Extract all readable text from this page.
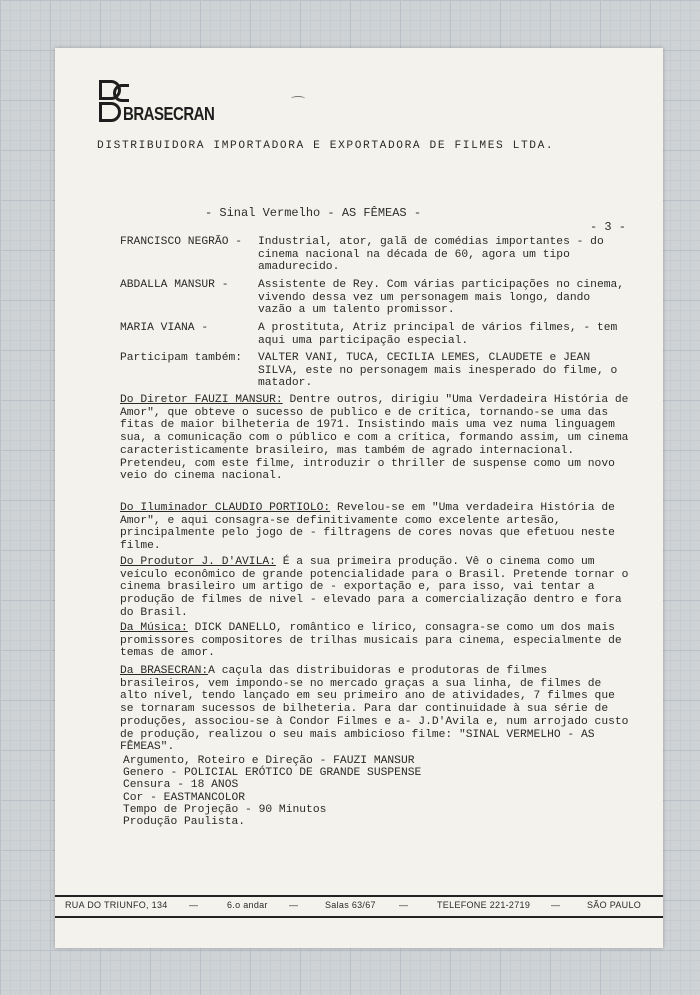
BRASECRAN
DISTRIBUIDORA IMPORTADORA E EXPORTADORA DE FILMES LTDA.
- Sinal Vermelho - AS FÊMEAS -
- 3 -
FRANCISCO NEGRÃO -	Industrial, ator, galã de comédias importantes - do cinema nacional na década de 60, agora um tipo amadurecido.
ABDALLA MANSUR -	Assistente de Rey. Com várias participações no cinema, vivendo dessa vez um personagem mais longo, dando vazão a um talento promissor.
MARIA VIANA -	A prostituta, Atriz principal de vários filmes, - tem aqui uma participação especial.
Participam também:	VALTER VANI, TUCA, CECILIA LEMES, CLAUDETE e JEAN SILVA, este no personagem mais inesperado do filme, o matador.
Do Diretor FAUZI MANSUR: Dentre outros, dirigiu "Uma Verdadeira História de Amor", que obteve o sucesso de publico e de crítica, tornando-se uma das fitas de maior bilheteria de 1971. Insistindo mais uma vez numa linguagem sua, a comunicação com o público e com a crítica, formando assim, um cinema caracteristicamente brasileiro, mas também de agrado internacional. Pretendeu, com este filme, introduzir o thriller de suspense como um novo veio do cinema nacional.
Do Iluminador CLAUDIO PORTIOLO: Revelou-se em "Uma verdadeira História de Amor", e aqui consagra-se definitivamente como excelente artesão, principalmente pelo jogo de - filtragens de cores novas que efetuou neste filme.
Do Produtor J. D'AVILA: É a sua primeira produção. Vê o cinema como um veículo econômico de grande potencialidade para o Brasil. Pretende tornar o cinema brasileiro um artigo de - exportação e, para isso, vai tentar a produção de filmes de nivel - elevado para a comercialização dentro e fora do Brasil.
Da Música: DICK DANELLO, romântico e lírico, consagra-se como um dos mais promissores compositores de trilhas musicais para cinema, especialmente de temas de amor.
Da BRASECRAN:A caçula das distribuidoras e produtoras de filmes brasileiros, vem impondo-se no mercado graças a sua linha, de filmes de alto nível, tendo lançado em seu primeiro ano de atividades, 7 filmes que se tornaram sucessos de bilheteria. Para dar continuidade à sua série de produções, associou-se à Condor Filmes e a- J.D'Avila e, num arrojado custo de produção, realizou o seu mais ambicioso filme: "SINAL VERMELHO - AS FÊMEAS".
Argumento, Roteiro e Direção - FAUZI MANSUR
Genero - POLICIAL ERÓTICO DE GRANDE SUSPENSE
Censura - 18 ANOS
Cor - EASTMANCOLOR
Tempo de Projeção - 90 Minutos
Produção Paulista.
RUA DO TRIUNFO, 134 —	6.o andar —	Salas 63/67	—	TELEFONE 221-2719 —	SÃO PAULO
